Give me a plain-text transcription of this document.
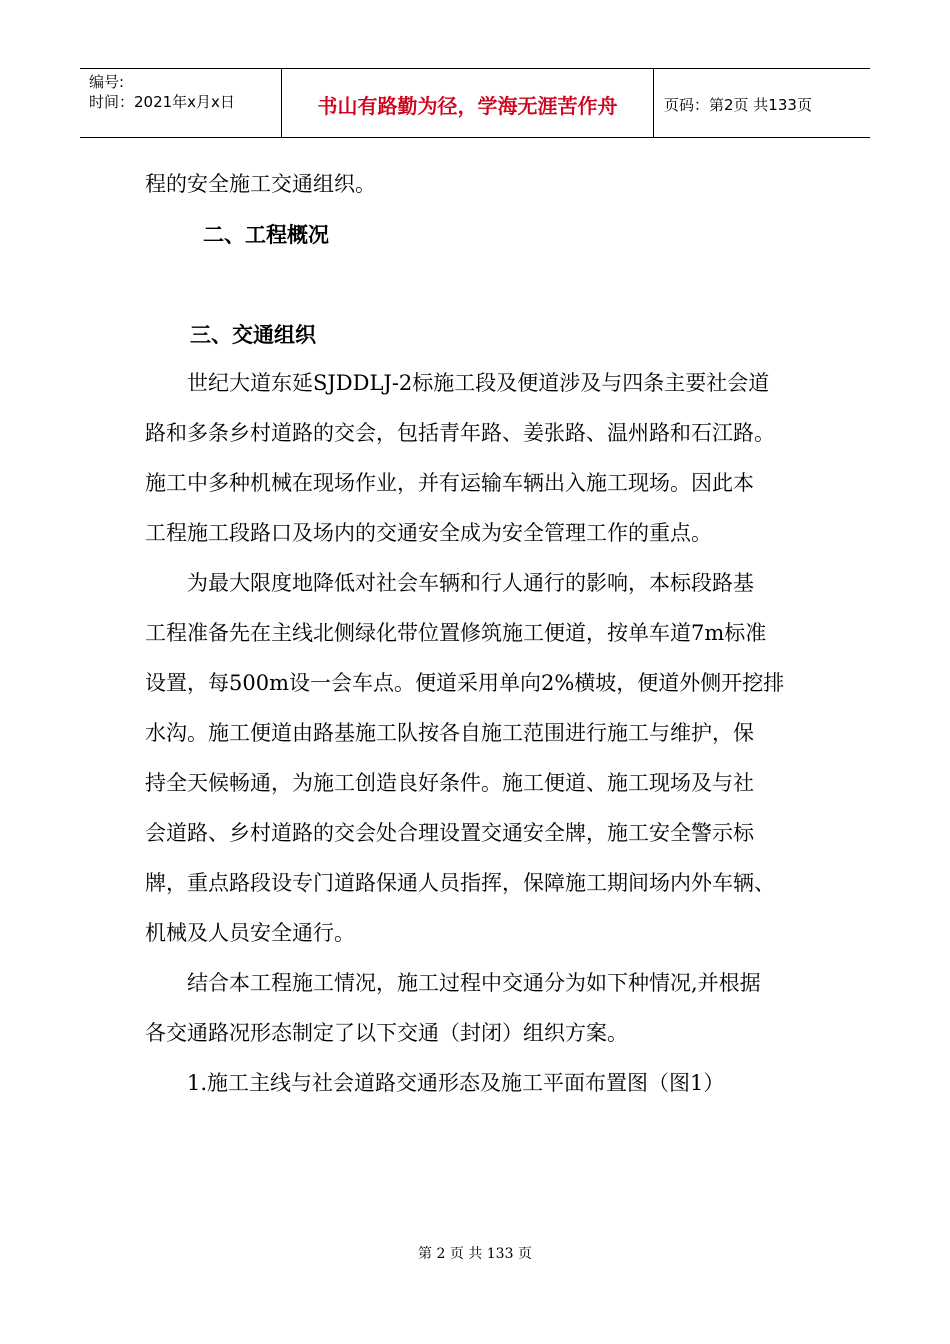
编号:
时间：2021年x月x日	书山有路勤为径，学海无涯苦作舟	页码：第2页 共133页
程的安全施工交通组织。
二、工程概况
三、交通组织
　　世纪大道东延SJDDLJ-2标施工段及便道涉及与四条主要社会道
路和多条乡村道路的交会，包括青年路、姜张路、温州路和石江路。
施工中多种机械在现场作业，并有运输车辆出入施工现场。因此本
工程施工段路口及场内的交通安全成为安全管理工作的重点。
　　为最大限度地降低对社会车辆和行人通行的影响，本标段路基
工程准备先在主线北侧绿化带位置修筑施工便道，按单车道7m标准
设置，每500m设一会车点。便道采用单向2%横坡，便道外侧开挖排
水沟。施工便道由路基施工队按各自施工范围进行施工与维护，保
持全天候畅通，为施工创造良好条件。施工便道、施工现场及与社
会道路、乡村道路的交会处合理设置交通安全牌，施工安全警示标
牌，重点路段设专门道路保通人员指挥，保障施工期间场内外车辆、
机械及人员安全通行。
　　结合本工程施工情况，施工过程中交通分为如下种情况,并根据
各交通路况形态制定了以下交通（封闭）组织方案。
　　1.施工主线与社会道路交通形态及施工平面布置图（图1）
第 2 页 共 133 页
